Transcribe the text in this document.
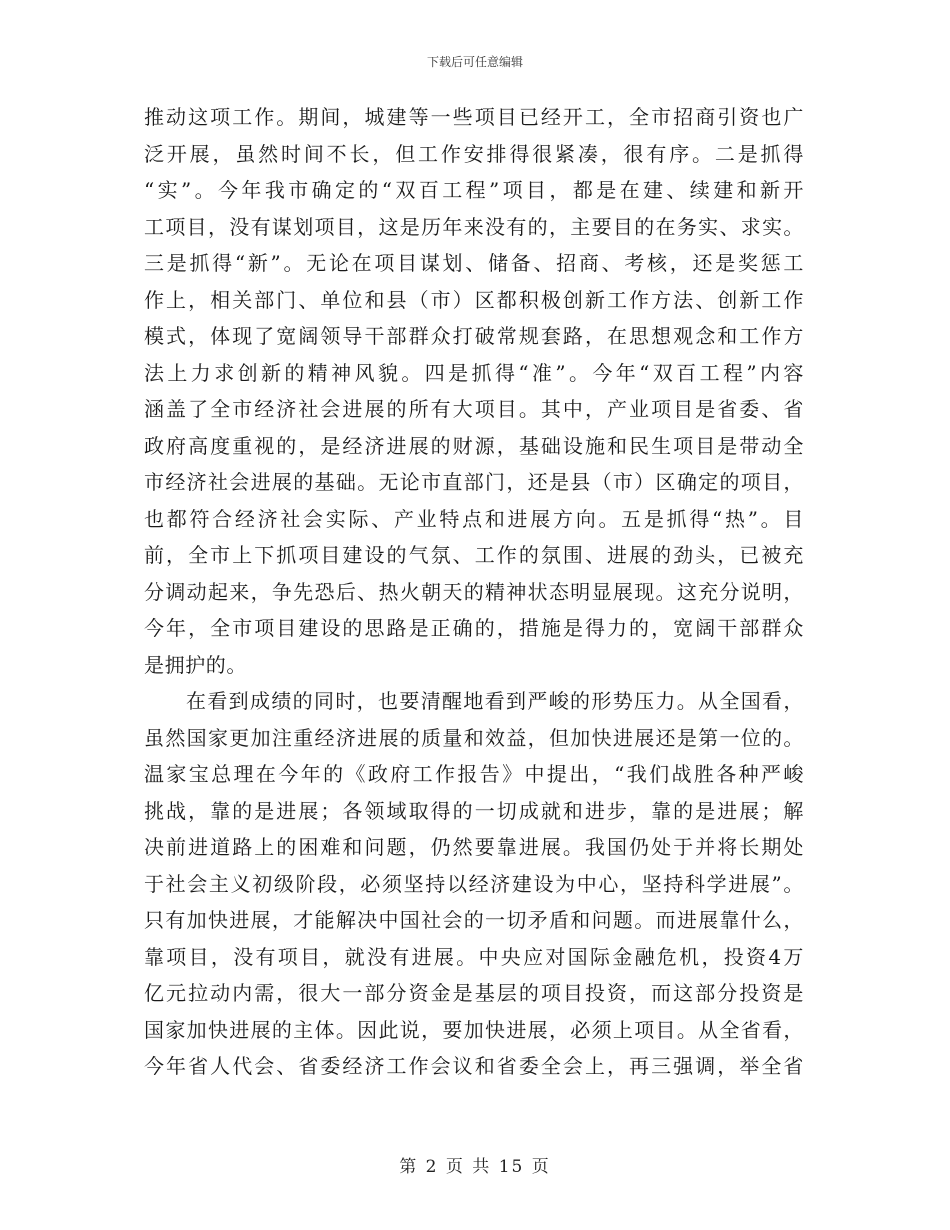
下载后可任意编辑
推动这项工作。期间，城建等一些项目已经开工，全市招商引资也广
泛开展，虽然时间不长，但工作安排得很紧凑，很有序。二是抓得
“实”。今年我市确定的“双百工程”项目，都是在建、续建和新开
工项目，没有谋划项目，这是历年来没有的，主要目的在务实、求实。
三是抓得“新”。无论在项目谋划、储备、招商、考核，还是奖惩工
作上，相关部门、单位和县（市）区都积极创新工作方法、创新工作
模式，体现了宽阔领导干部群众打破常规套路，在思想观念和工作方
法上力求创新的精神风貌。四是抓得“准”。今年“双百工程”内容
涵盖了全市经济社会进展的所有大项目。其中，产业项目是省委、省
政府高度重视的，是经济进展的财源，基础设施和民生项目是带动全
市经济社会进展的基础。无论市直部门，还是县（市）区确定的项目，
也都符合经济社会实际、产业特点和进展方向。五是抓得“热”。目
前，全市上下抓项目建设的气氛、工作的氛围、进展的劲头，已被充
分调动起来，争先恐后、热火朝天的精神状态明显展现。这充分说明，
今年，全市项目建设的思路是正确的，措施是得力的，宽阔干部群众
是拥护的。
在看到成绩的同时，也要清醒地看到严峻的形势压力。从全国看，
虽然国家更加注重经济进展的质量和效益，但加快进展还是第一位的。
温家宝总理在今年的《政府工作报告》中提出，“我们战胜各种严峻
挑战，靠的是进展；各领域取得的一切成就和进步，靠的是进展；解
决前进道路上的困难和问题，仍然要靠进展。我国仍处于并将长期处
于社会主义初级阶段，必须坚持以经济建设为中心，坚持科学进展”。
只有加快进展，才能解决中国社会的一切矛盾和问题。而进展靠什么，
靠项目，没有项目，就没有进展。中央应对国际金融危机，投资4万
亿元拉动内需，很大一部分资金是基层的项目投资，而这部分投资是
国家加快进展的主体。因此说，要加快进展，必须上项目。从全省看，
今年省人代会、省委经济工作会议和省委全会上，再三强调，举全省
第 2 页 共 15 页
